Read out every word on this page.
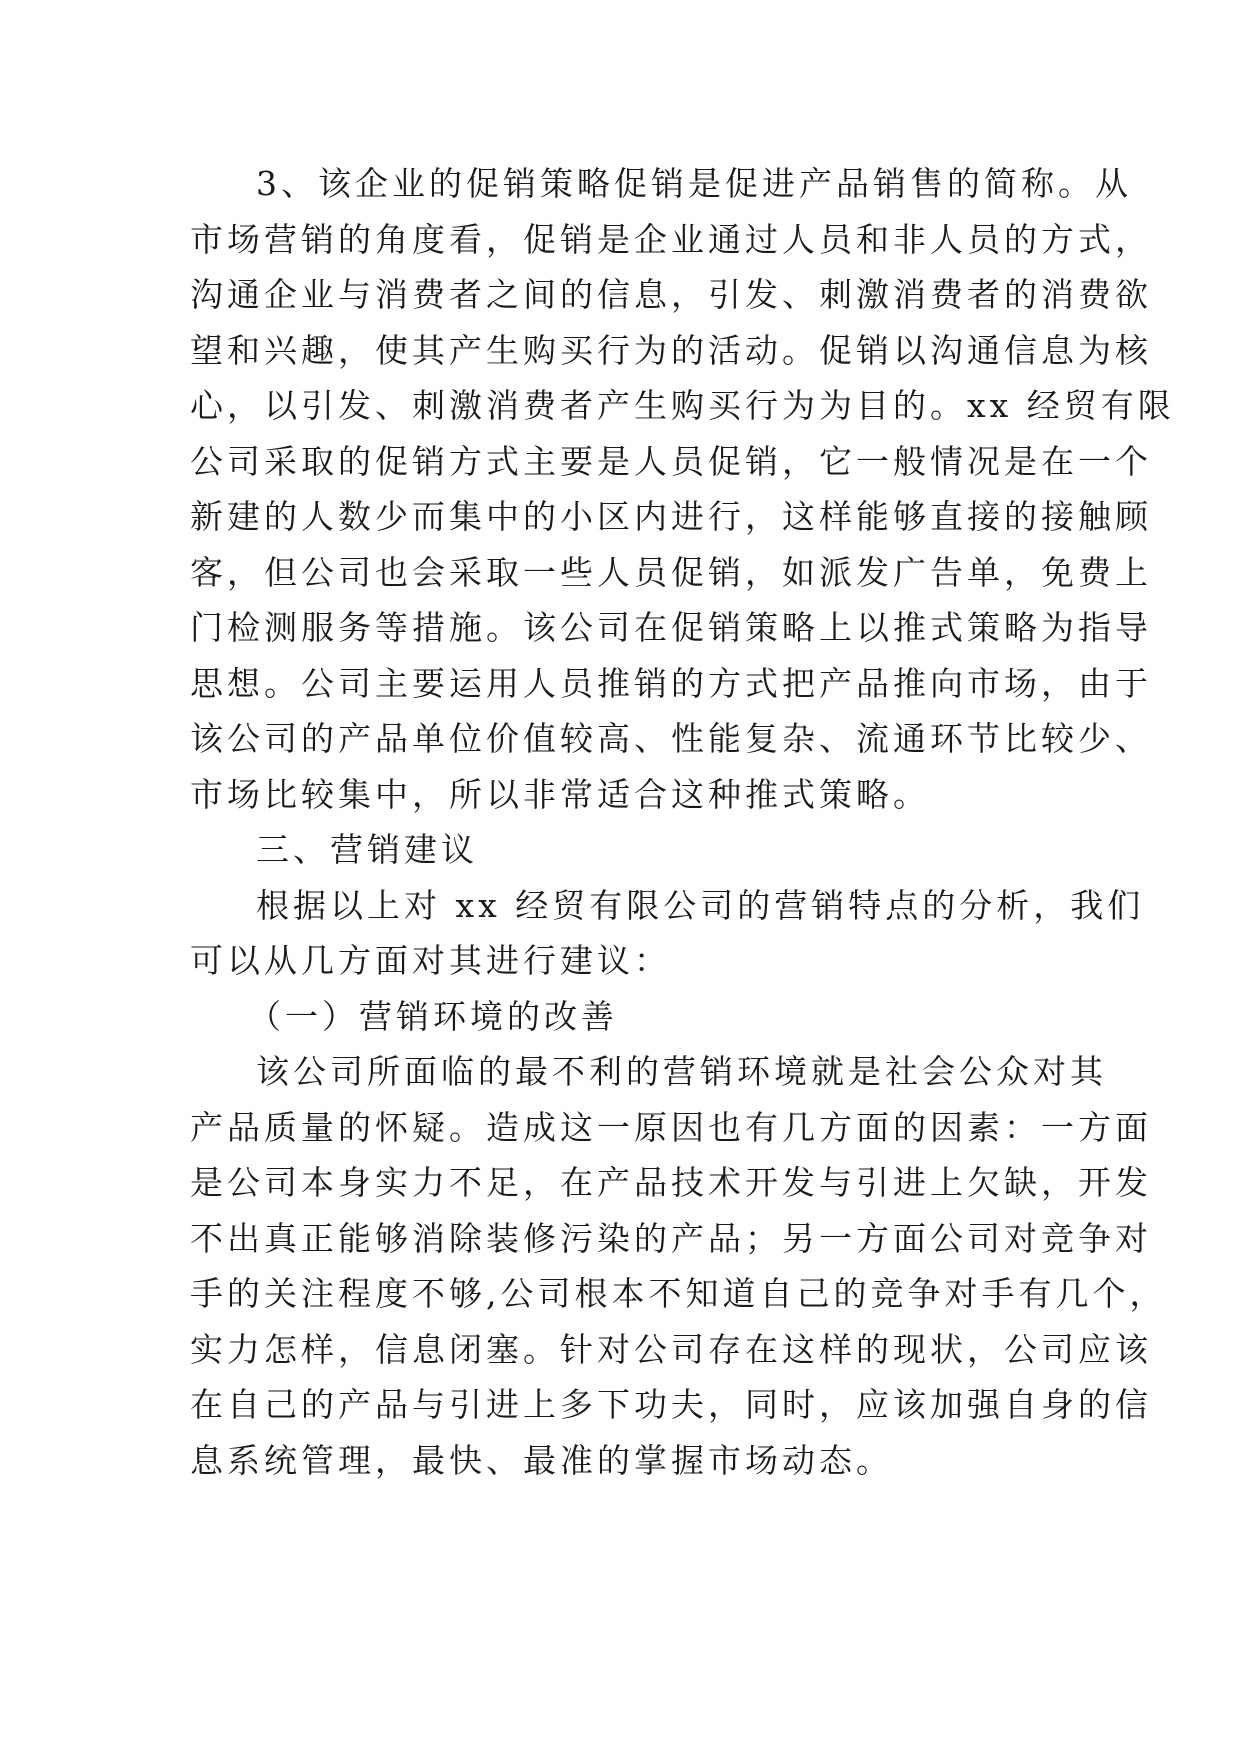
3、该企业的促销策略促销是促进产品销售的简称。从
市场营销的角度看，促销是企业通过人员和非人员的方式，
沟通企业与消费者之间的信息，引发、刺激消费者的消费欲
望和兴趣，使其产生购买行为的活动。促销以沟通信息为核
心，以引发、刺激消费者产生购买行为为目的。xx 经贸有限
公司采取的促销方式主要是人员促销，它一般情况是在一个
新建的人数少而集中的小区内进行，这样能够直接的接触顾
客，但公司也会采取一些人员促销，如派发广告单，免费上
门检测服务等措施。该公司在促销策略上以推式策略为指导
思想。公司主要运用人员推销的方式把产品推向市场，由于
该公司的产品单位价值较高、性能复杂、流通环节比较少、
市场比较集中，所以非常适合这种推式策略。
三、营销建议
根据以上对 xx 经贸有限公司的营销特点的分析，我们
可以从几方面对其进行建议：
（一）营销环境的改善
该公司所面临的最不利的营销环境就是社会公众对其
产品质量的怀疑。造成这一原因也有几方面的因素：一方面
是公司本身实力不足，在产品技术开发与引进上欠缺，开发
不出真正能够消除装修污染的产品；另一方面公司对竞争对
手的关注程度不够,公司根本不知道自己的竞争对手有几个，
实力怎样，信息闭塞。针对公司存在这样的现状，公司应该
在自己的产品与引进上多下功夫，同时，应该加强自身的信
息系统管理，最快、最准的掌握市场动态。
